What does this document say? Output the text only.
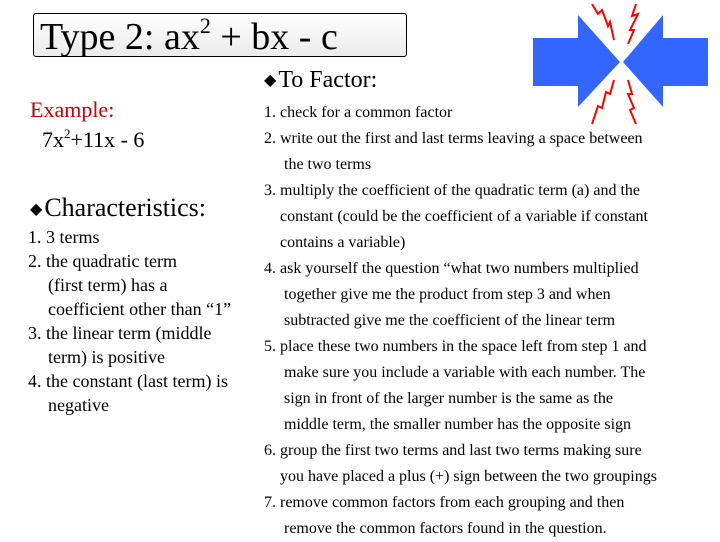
Type 2: $ax^2$ + bx - c
Example:
$7x^2+11x - 6$
◆Characteristics:
1. 3 terms
2. the quadratic term
(first term) has a
coefficient other than “1”
3. the linear term (middle
term) is positive
4. the constant (last term) is
negative
◆To Factor:
1. check for a common factor
2. write out the first and last terms leaving a space between
the two terms
3. multiply the coefficient of the quadratic term (a) and the
constant (could be the coefficient of a variable if constant
contains a variable)
4. ask yourself the question “what two numbers multiplied
together give me the product from step 3 and when
subtracted give me the coefficient of the linear term
5. place these two numbers in the space left from step 1 and
make sure you include a variable with each number. The
sign in front of the larger number is the same as the
middle term, the smaller number has the opposite sign
6. group the first two terms and last two terms making sure
you have placed a plus (+) sign between the two groupings
7. remove common factors from each grouping and then
remove the common factors found in the question.
